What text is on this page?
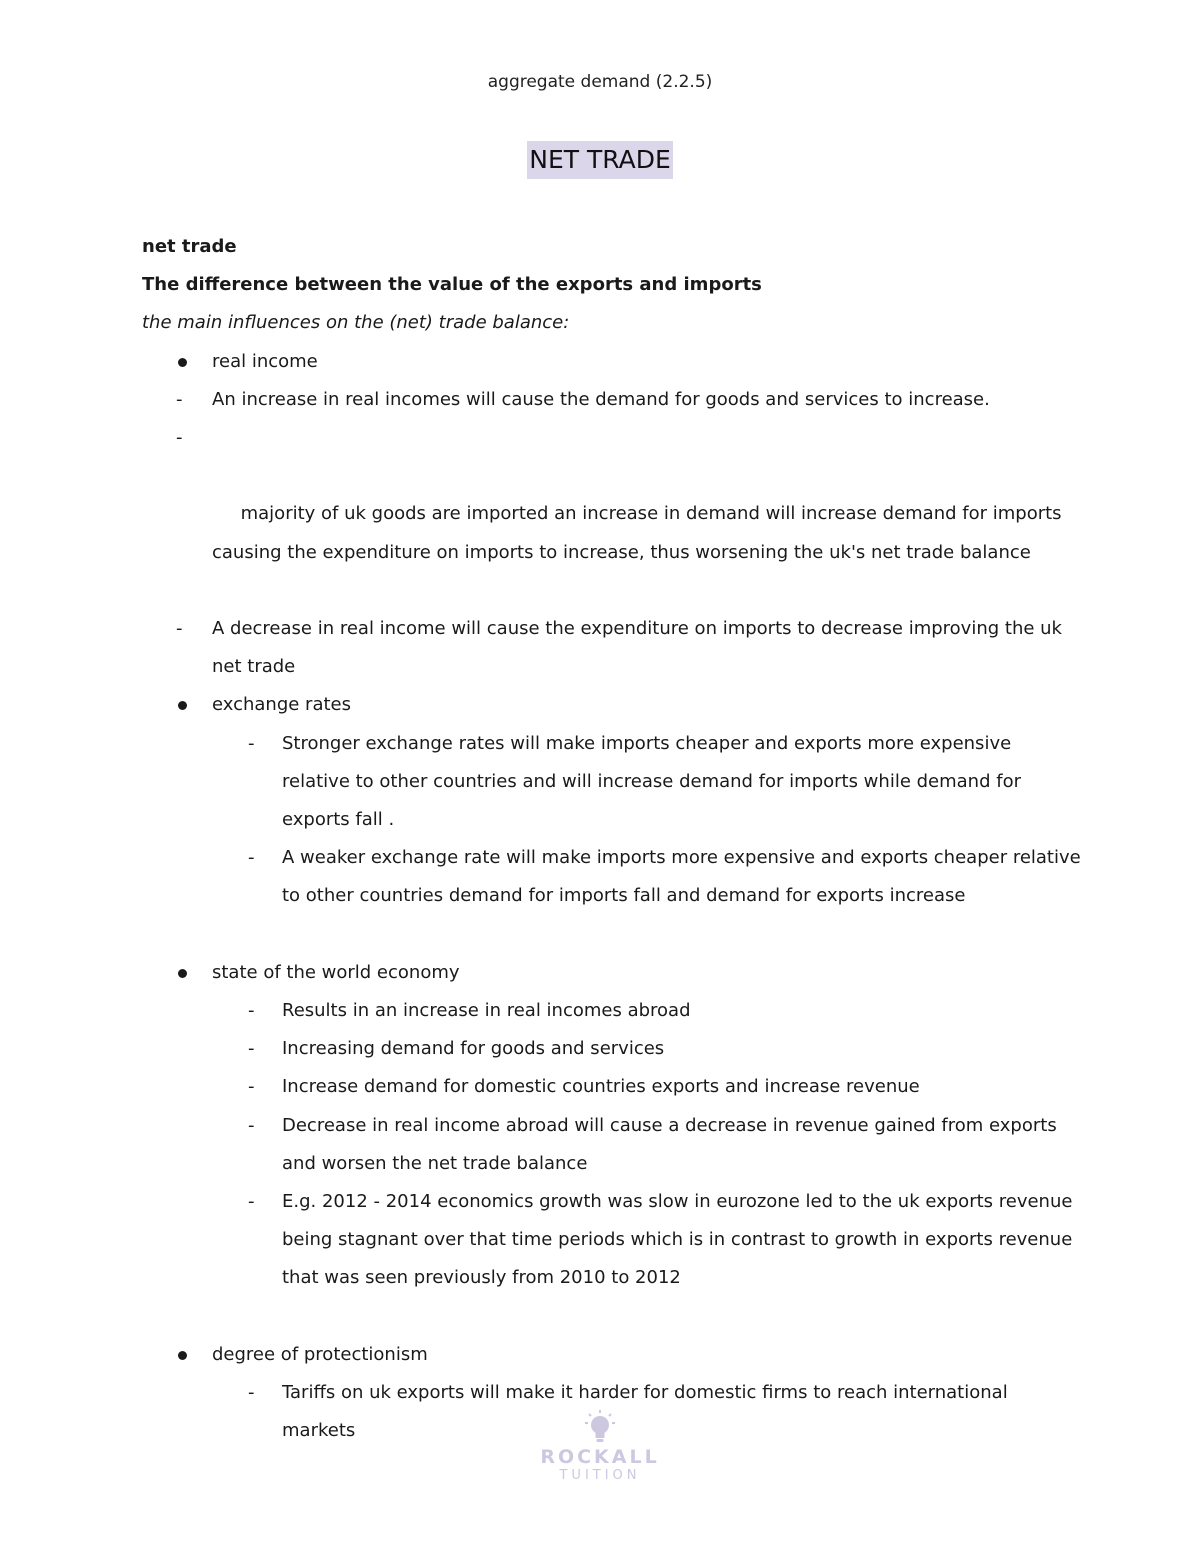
aggregate demand (2.2.5)
NET TRADE

net trade

The difference between the value of the exports and imports

the main influences on the (net) trade balance:

real income
- An increase in real incomes will cause the demand for goods and services to increase.

-

majority of uk goods are imported an increase in demand will increase demand for imports causing the expenditure on imports to increase, thus worsening the uk's net trade balance

- A decrease in real income will cause the expenditure on imports to decrease improving the uk net trade
exchange rates
- Stronger exchange rates will make imports cheaper and exports more expensive relative to other countries and will increase demand for imports while demand for exports fall .
- A weaker exchange rate will make imports more expensive and exports cheaper relative to other countries demand for imports fall and demand for exports increase
state of the world economy
- Results in an increase in real incomes abroad
- Increasing demand for goods and services
- Increase demand for domestic countries exports and increase revenue
- Decrease in real income abroad will cause a decrease in revenue gained from exports and worsen the net trade balance
- E.g. 2012 - 2014 economics growth was slow in eurozone led to the uk exports revenue being stagnant over that time periods which is in contrast to growth in exports revenue that was seen previously from 2010 to 2012
degree of protectionism
- Tariffs on uk exports will make it harder for domestic firms to reach international markets
ROCKALL
TUITION
